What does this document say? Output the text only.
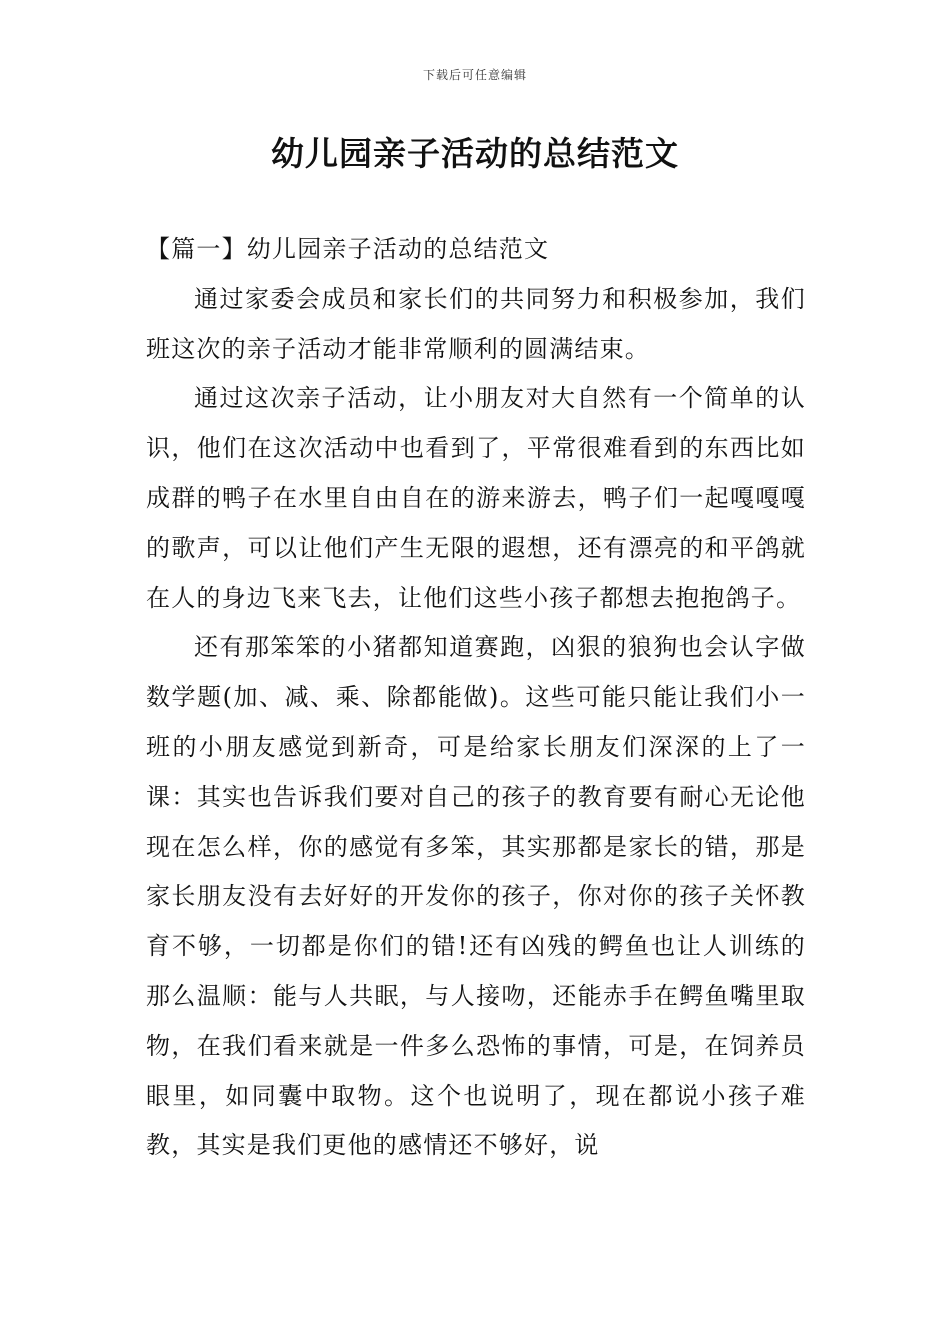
下载后可任意编辑
幼儿园亲子活动的总结范文

【篇一】幼儿园亲子活动的总结范文

通过家委会成员和家长们的共同努力和积极参加，我们班这次的亲子活动才能非常顺利的圆满结束。

通过这次亲子活动，让小朋友对大自然有一个简单的认识，他们在这次活动中也看到了，平常很难看到的东西比如成群的鸭子在水里自由自在的游来游去，鸭子们一起嘎嘎嘎的歌声，可以让他们产生无限的遐想，还有漂亮的和平鸽就在人的身边飞来飞去，让他们这些小孩子都想去抱抱鸽子。

还有那笨笨的小猪都知道赛跑，凶狠的狼狗也会认字做数学题(加、减、乘、除都能做)。这些可能只能让我们小一班的小朋友感觉到新奇，可是给家长朋友们深深的上了一课：其实也告诉我们要对自己的孩子的教育要有耐心无论他现在怎么样，你的感觉有多笨，其实那都是家长的错，那是家长朋友没有去好好的开发你的孩子，你对你的孩子关怀教育不够，一切都是你们的错!还有凶残的鳄鱼也让人训练的那么温顺：能与人共眠，与人接吻，还能赤手在鳄鱼嘴里取物，在我们看来就是一件多么恐怖的事情，可是，在饲养员眼里，如同囊中取物。这个也说明了，现在都说小孩子难教，其实是我们更他的感情还不够好，说
